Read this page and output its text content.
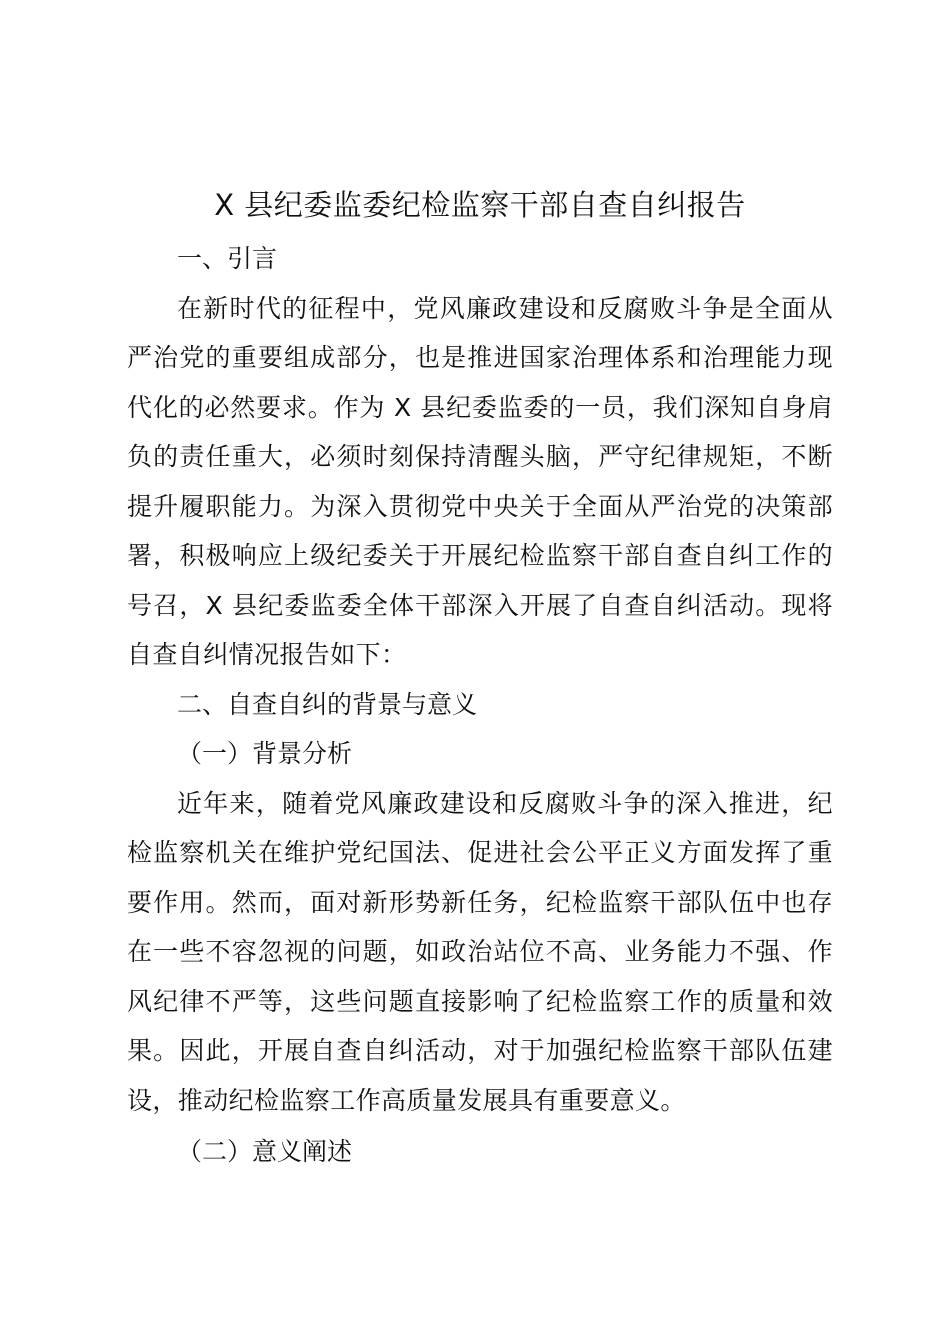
X 县纪委监委纪检监察干部自查自纠报告

一、引言

在新时代的征程中，党风廉政建设和反腐败斗争是全面从严治党的重要组成部分，也是推进国家治理体系和治理能力现代化的必然要求。作为 X 县纪委监委的一员，我们深知自身肩负的责任重大，必须时刻保持清醒头脑，严守纪律规矩，不断提升履职能力。为深入贯彻党中央关于全面从严治党的决策部署，积极响应上级纪委关于开展纪检监察干部自查自纠工作的号召，X 县纪委监委全体干部深入开展了自查自纠活动。现将自查自纠情况报告如下：

二、自查自纠的背景与意义

（一）背景分析

近年来，随着党风廉政建设和反腐败斗争的深入推进，纪检监察机关在维护党纪国法、促进社会公平正义方面发挥了重要作用。然而，面对新形势新任务，纪检监察干部队伍中也存在一些不容忽视的问题，如政治站位不高、业务能力不强、作风纪律不严等，这些问题直接影响了纪检监察工作的质量和效果。因此，开展自查自纠活动，对于加强纪检监察干部队伍建设，推动纪检监察工作高质量发展具有重要意义。

（二）意义阐述
